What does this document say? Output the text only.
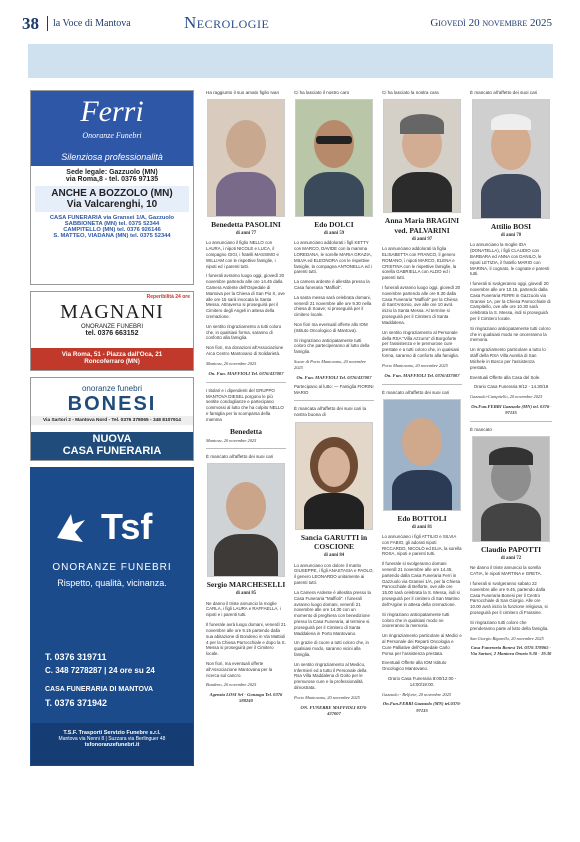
38 la Voce di Mantova	Necrologie	Giovedì 20 novembre 2025
Ferri
Onoranze Funebri
Silenziosa professionalità
Sede legale: Gazzuolo (MN)
via Roma,8 - tel. 0376 97135
ANCHE A BOZZOLO (MN)
Via Valcarenghi, 10
CASA FUNERARIA via Gransei 1/A, Gazzuolo
SABBIONETA (MN) tel. 0375 52344
CAMPITELLO (MN) tel. 0376 926146
S. MATTEO, VIADANA (MN) tel. 0375 52344
Reperibilità 24 ore
MAGNANI
ONORANZE FUNEBRI
tel. 0376 663152
Via Roma, 51 - Piazza dall'Oca, 21
Roncoferraro (MN)
onoranze funebri
BONESI
Via Sartori 2 - Mantova Nord - Tel. 0376 378065 - 348 8107914
NUOVA
CASA FUNERARIA
Tsf
ONORANZE FUNEBRI
Rispetto, qualità, vicinanza.
T. 0376 319711
C. 348 7278287 | 24 ore su 24
CASA FUNERARIA DI MANTOVA
T. 0376 371942
T.S.F. Trasporti Servizio Funebre s.r.l.
Mantova via Nenni 8 | Suzzara via Berlinguer 48
tsfonoranzefunebri.it
Ha raggiunto il suo amato figlio Ivan
Benedetta PASOLINI
di anni 77

Lo annunciano il figlio NELLO con LAURA, i nipoti NICOLE e LUCA, il compagno GIGI, i fratelli MASSIMO e WILLIAM con le rispettive famiglie, i nipoti ed i parenti tutti.

I funerali avranno luogo oggi, giovedì 20 novembre partendo alle ore 14.45 dalla Camera Ardente dell'Ospedale di Mantova per la Chiesa di San Pio X, ove alle ore 15 sarà invocata la Santa Messa. Attraverso si proseguirà per il Cimitero degli Angeli in attesa della cremazione.

Un sentito ringraziamento a tutti coloro che, in qualsiasi forma, saranno di conforto alla famiglia.

Non fiori, ma donazioni all'Associazione Arca Centro Mantovano di Solidarietà.

Mantova, 20 novembre 2025

On. Fun. MAFFIOLI Tel. 0376/437007

I titolari e i dipendenti del GRUPPO MANTOVA DIESEL porgono le più sentite condoglianze e partecipano commossi al lutto che ha colpito NELLO e famiglia per la scomparsa della mamma

Benedetta

Mantova, 20 novembre 2025

È mancato all'affetto dei suoi cari
Sergio MARCHESELLI
di anni 85

Ne danno il triste annuncio la moglie CARLA, i figli LAURA e RAFFAELLA, i nipoti e i parenti tutti.

Il funerale avrà luogo domani, venerdì 21 novembre alle ore 9.15 partendo dalla sua abitazione di Bondeno in Via Mattioli 4 per la Chiesa Parrocchiale e dopo la S. Messa si proseguirà per il Cimitero locale.

Non fiori, ma eventuali offerte all'Associazione Mantovana per la ricerca sul cancro.

Bondeno, 20 novembre 2025

Agenzia LOSI Srl - Gonzaga Tel. 0376 588240
Ci ha lasciato il nostro caro
Edo DOLCI
di anni 59

Lo annunciano addolorati i figli KETTY con MARCO, DAVIDE con la mamma LOREDANA, le sorelle MARIA GRAZIA, MILVA ed ELEONORA con le rispettive famiglie, la compagna ANTONELLA ed i parenti tutti.

La camera ardente è allestita presso la Casa funeraria "Maffioli".

La santa messa sarà celebrata domani, venerdì 21 novembre alle ore 9.30 nella chiesa di Soave; si proseguirà per il cimitero locale.

Non fiori ma eventuali offerte allo IOM (Istituto Oncologico di Mantova).

Si ringraziano anticipatamente tutti coloro che parteciperanno al lutto della famiglia.

Soave di Porto Mantovano, 20 novembre 2025

On. Fun. MAFFIOLI Tel. 0376/437007

Partecipano al lutto: — Famiglia FIORINI MARIO

È mancata all'affetto dei suoi cari la nostra buona di
Sancia GARUTTI in COSCIONE
di anni 84

Lo annunciano con dolore il marito GIUSEPPE, i figli ANASTASIA e PAOLO, il genero LEONARDO unitamente ai parenti tutti.

La Camera Ardente è allestita presso la Casa Funeraria "Maffioli". I funerali avranno luogo domani, venerdì 21 novembre alle ore 14.30 con un momento di preghiera con benedizione presso la Casa Funeraria, al termine si proseguirà per il Cimitero di Santa Maddalena in Porto Mantovano.

Un grazie di cuore a tutti coloro che, in qualsiasi modo, saranno vicini alla famiglia.

Un sentito ringraziamento al Medico, Infermieri ed a tutto il Personale della Rsa Villa Maddalena di Goito per le premurose cure e la professionalità dimostrata.

Porto Mantovano, 20 novembre 2025

ON. FUNEBRE MAFFIOLI 0376-437007
Ci ha lasciato la nostra cara
Anna Maria BRAGINI ved. PALVARINI
di anni 97

Lo annunciano addolorati la figlia ELISABETTA con FRANCO, il genero ROMANO, i nipoti MARCO, ELENA e CRISTINA con le rispettive famiglie, la sorella GABRIELLA con ALDO ed i parenti tutti.

I funerali avranno luogo oggi, giovedì 20 novembre partendo alle ore 9.30 dalla Casa Funeraria "Maffioli" per la Chiesa di Sant'Antonio, ove alle ore 10 avrà inizio la Santa Messa. Al termine si proseguirà per il Cimitero di Santa Maddalena.

Un sentito ringraziamento al Personale della RSA "Villa Azzurra" di Borgoforte per l'assistenza e le premurose cure prestate e a tutti coloro che, in qualsiasi forma, saranno di conforto alla famiglia.

Porto Mantovano, 20 novembre 2025

On. Fun. MAFFIOLI Tel. 0376/437007
È mancato all'affetto dei suoi cari
Edo BOTTOLI
di anni 81

Lo annunciano i figli ATTILIO e SILVIA con FABIO, gli adorati nipoti RICCARDO, NICOLÒ ed ELIA, la sorella ROSA, nipoti e parenti tutti.

Il funerale si svolgeranno domani venerdì 21 novembre alle ore 14.45, partendo dalla Casa Funeraria Ferri in Gazzuolo via Gransei 1/A, per la Chiesa Parrocchiale di Belforte, ove alle ore 15.00 sarà celebrata la S. Messa, indi si proseguirà per il cimitero di San Martino dell'Argine in attesa della cremazione.

Si ringraziano anticipatamente tutti coloro che in qualsiasi modo ne onoreranno la memoria.

Un ringraziamento particolare ai Medici e al Personale dei Reparti Oncologia e Cure Palliative dell'Ospedale Carlo Poma per l'assistenza prestata.

Eventuali Offerte alla IOM Istituto Oncologico Mantovano.

Orario Casa Funeraria 8:00/12:00 - 14:00/19:00.

Gazzuolo - Belforte, 20 novembre 2025

On.Fun.FERRI Gazzuolo (MN) tel.0376-97135
È mancato all'affetto dei suoi cari
Attilio BOSI
di anni 78

Lo annunciano la moglie IDA (DONATELLA), i figli CLAUDIO con BARBARA ed ANNA con DANILO, le nipoti LETIZIA, il fratello MARIO con MARINA, il cognato, le cognate e parenti tutti.

I funerali si svolgeranno oggi, giovedì 20 novembre alle ore 10.15, partendo dalla Casa Funeraria FERRI in Gazzuolo via Gransei 1A, per la Chiesa Parrocchiale di Campitello, ove alle ore 10.30 sarà celebrata la S. Messa, indi si proseguirà per il Cimitero locale.

Si ringraziano anticipatamente tutti coloro che in qualsiasi modo ne onoreranno la memoria.

Un ringraziamento particolare a tutto lo staff della RSA Villa Aurelia di San Michele in Bosco per l'assistenza prestata.

Eventuali Offerte alla Casa del Sole.

Orario Casa Funeraria 9/12 - 14.30/19

Gazzuolo-Campitello, 20 novembre 2025

On.Fun.FERRI Gazzuolo (MN) tel. 0376-97135
È mancato
Claudio PAPOTTI
di anni 72

Ne danno il triste annuncio la sorella CATIA, le nipoti MARTINA e GRETA.

I funerali si svolgeranno sabato 22 novembre alle ore 9.45, partendo dalla Casa Funeraria Bonesi per il Centro Parrocchiale di San Giorgio. Alle ore 10.00 avrà inizio la funzione religiosa, si proseguirà per il cimitero di Frassine.

Si ringraziano tutti coloro che prenderanno parte al lutto della famiglia.

San Giorgio Bigarello, 20 novembre 2025

Casa Funeraria Bonesi Tel. 0376 378065 - Via Sartori, 2 Mantova Orario 9.30 - 19.30
